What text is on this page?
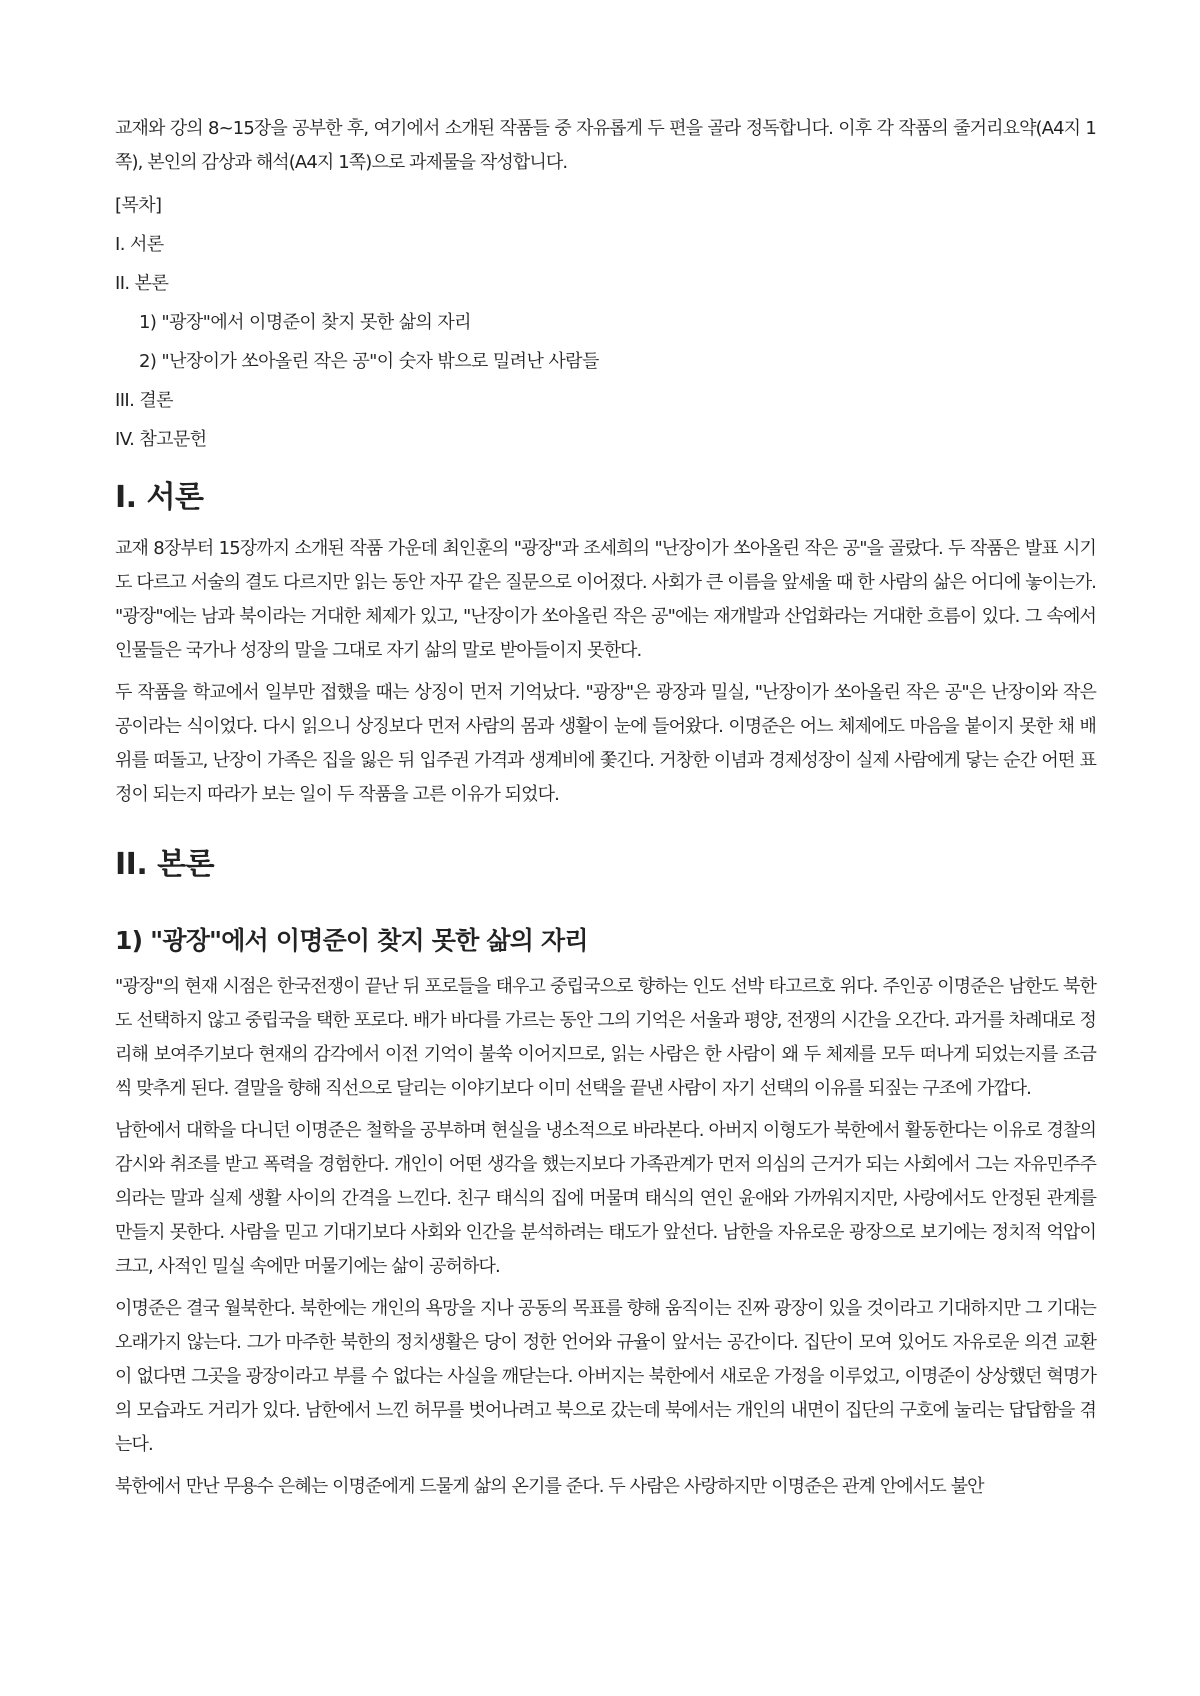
교재와 강의 8~15장을 공부한 후, 여기에서 소개된 작품들 중 자유롭게 두 편을 골라 정독합니다. 이후 각 작품의 줄거리요약(A4지 1쪽), 본인의 감상과 해석(A4지 1쪽)으로 과제물을 작성합니다.

[목차]

I. 서론

II. 본론

1) "광장"에서 이명준이 찾지 못한 삶의 자리

2) "난장이가 쏘아올린 작은 공"이 숫자 밖으로 밀려난 사람들

III. 결론

IV. 참고문헌

I. 서론

교재 8장부터 15장까지 소개된 작품 가운데 최인훈의 "광장"과 조세희의 "난장이가 쏘아올린 작은 공"을 골랐다. 두 작품은 발표 시기도 다르고 서술의 결도 다르지만 읽는 동안 자꾸 같은 질문으로 이어졌다. 사회가 큰 이름을 앞세울 때 한 사람의 삶은 어디에 놓이는가. "광장"에는 남과 북이라는 거대한 체제가 있고, "난장이가 쏘아올린 작은 공"에는 재개발과 산업화라는 거대한 흐름이 있다. 그 속에서 인물들은 국가나 성장의 말을 그대로 자기 삶의 말로 받아들이지 못한다.

두 작품을 학교에서 일부만 접했을 때는 상징이 먼저 기억났다. "광장"은 광장과 밀실, "난장이가 쏘아올린 작은 공"은 난장이와 작은 공이라는 식이었다. 다시 읽으니 상징보다 먼저 사람의 몸과 생활이 눈에 들어왔다. 이명준은 어느 체제에도 마음을 붙이지 못한 채 배 위를 떠돌고, 난장이 가족은 집을 잃은 뒤 입주권 가격과 생계비에 쫓긴다. 거창한 이념과 경제성장이 실제 사람에게 닿는 순간 어떤 표정이 되는지 따라가 보는 일이 두 작품을 고른 이유가 되었다.

II. 본론
1) "광장"에서 이명준이 찾지 못한 삶의 자리

"광장"의 현재 시점은 한국전쟁이 끝난 뒤 포로들을 태우고 중립국으로 향하는 인도 선박 타고르호 위다. 주인공 이명준은 남한도 북한도 선택하지 않고 중립국을 택한 포로다. 배가 바다를 가르는 동안 그의 기억은 서울과 평양, 전쟁의 시간을 오간다. 과거를 차례대로 정리해 보여주기보다 현재의 감각에서 이전 기억이 불쑥 이어지므로, 읽는 사람은 한 사람이 왜 두 체제를 모두 떠나게 되었는지를 조금씩 맞추게 된다. 결말을 향해 직선으로 달리는 이야기보다 이미 선택을 끝낸 사람이 자기 선택의 이유를 되짚는 구조에 가깝다.

남한에서 대학을 다니던 이명준은 철학을 공부하며 현실을 냉소적으로 바라본다. 아버지 이형도가 북한에서 활동한다는 이유로 경찰의 감시와 취조를 받고 폭력을 경험한다. 개인이 어떤 생각을 했는지보다 가족관계가 먼저 의심의 근거가 되는 사회에서 그는 자유민주주의라는 말과 실제 생활 사이의 간격을 느낀다. 친구 태식의 집에 머물며 태식의 연인 윤애와 가까워지지만, 사랑에서도 안정된 관계를 만들지 못한다. 사람을 믿고 기대기보다 사회와 인간을 분석하려는 태도가 앞선다. 남한을 자유로운 광장으로 보기에는 정치적 억압이 크고, 사적인 밀실 속에만 머물기에는 삶이 공허하다.

이명준은 결국 월북한다. 북한에는 개인의 욕망을 지나 공동의 목표를 향해 움직이는 진짜 광장이 있을 것이라고 기대하지만 그 기대는 오래가지 않는다. 그가 마주한 북한의 정치생활은 당이 정한 언어와 규율이 앞서는 공간이다. 집단이 모여 있어도 자유로운 의견 교환이 없다면 그곳을 광장이라고 부를 수 없다는 사실을 깨닫는다. 아버지는 북한에서 새로운 가정을 이루었고, 이명준이 상상했던 혁명가의 모습과도 거리가 있다. 남한에서 느낀 허무를 벗어나려고 북으로 갔는데 북에서는 개인의 내면이 집단의 구호에 눌리는 답답함을 겪는다.

북한에서 만난 무용수 은혜는 이명준에게 드물게 삶의 온기를 준다. 두 사람은 사랑하지만 이명준은 관계 안에서도 불안
